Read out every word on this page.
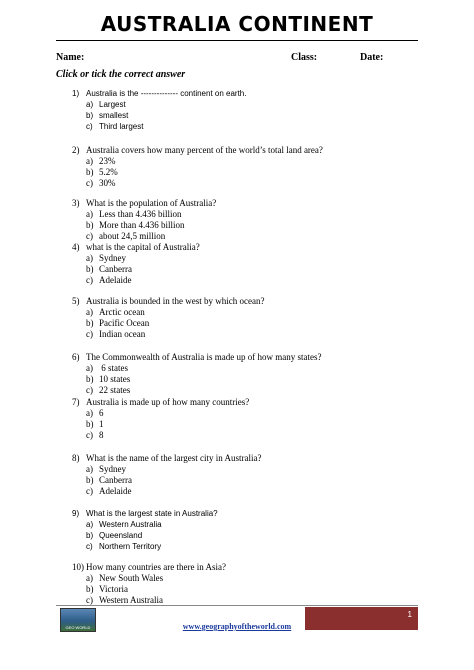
AUSTRALIA CONTINENT
Name:	Class:	Date:
Click or tick the correct answer
1) Australia is the -------------- continent on earth.
a) Largest
b) smallest
c) Third largest
2) Australia covers how many percent of the world’s total land area?
a) 23%
b) 5.2%
c) 30%
3) What is the population of Australia?
a) Less than 4.436 billion
b) More than 4.436 billion
c) about 24,5 million
4) what is the capital of Australia?
a) Sydney
b) Canberra
c) Adelaide
5) Australia is bounded in the west by which ocean?
a) Arctic ocean
b) Pacific Ocean
c) Indian ocean
6) The Commonwealth of Australia is made up of how many states?
a) 6 states
b) 10 states
c) 22 states
7) Australia is made up of how many countries?
a) 6
b) 1
c) 8
8) What is the name of the largest city in Australia?
a) Sydney
b) Canberra
c) Adelaide
9) What is the largest state in Australia?
a) Western Australia
b) Queensland
c) Northern Territory
10) How many countries are there in Asia?
a) New South Wales
b) Victoria
c) Western Australia
GEO WORLD
1
www.geographyoftheworld.com
